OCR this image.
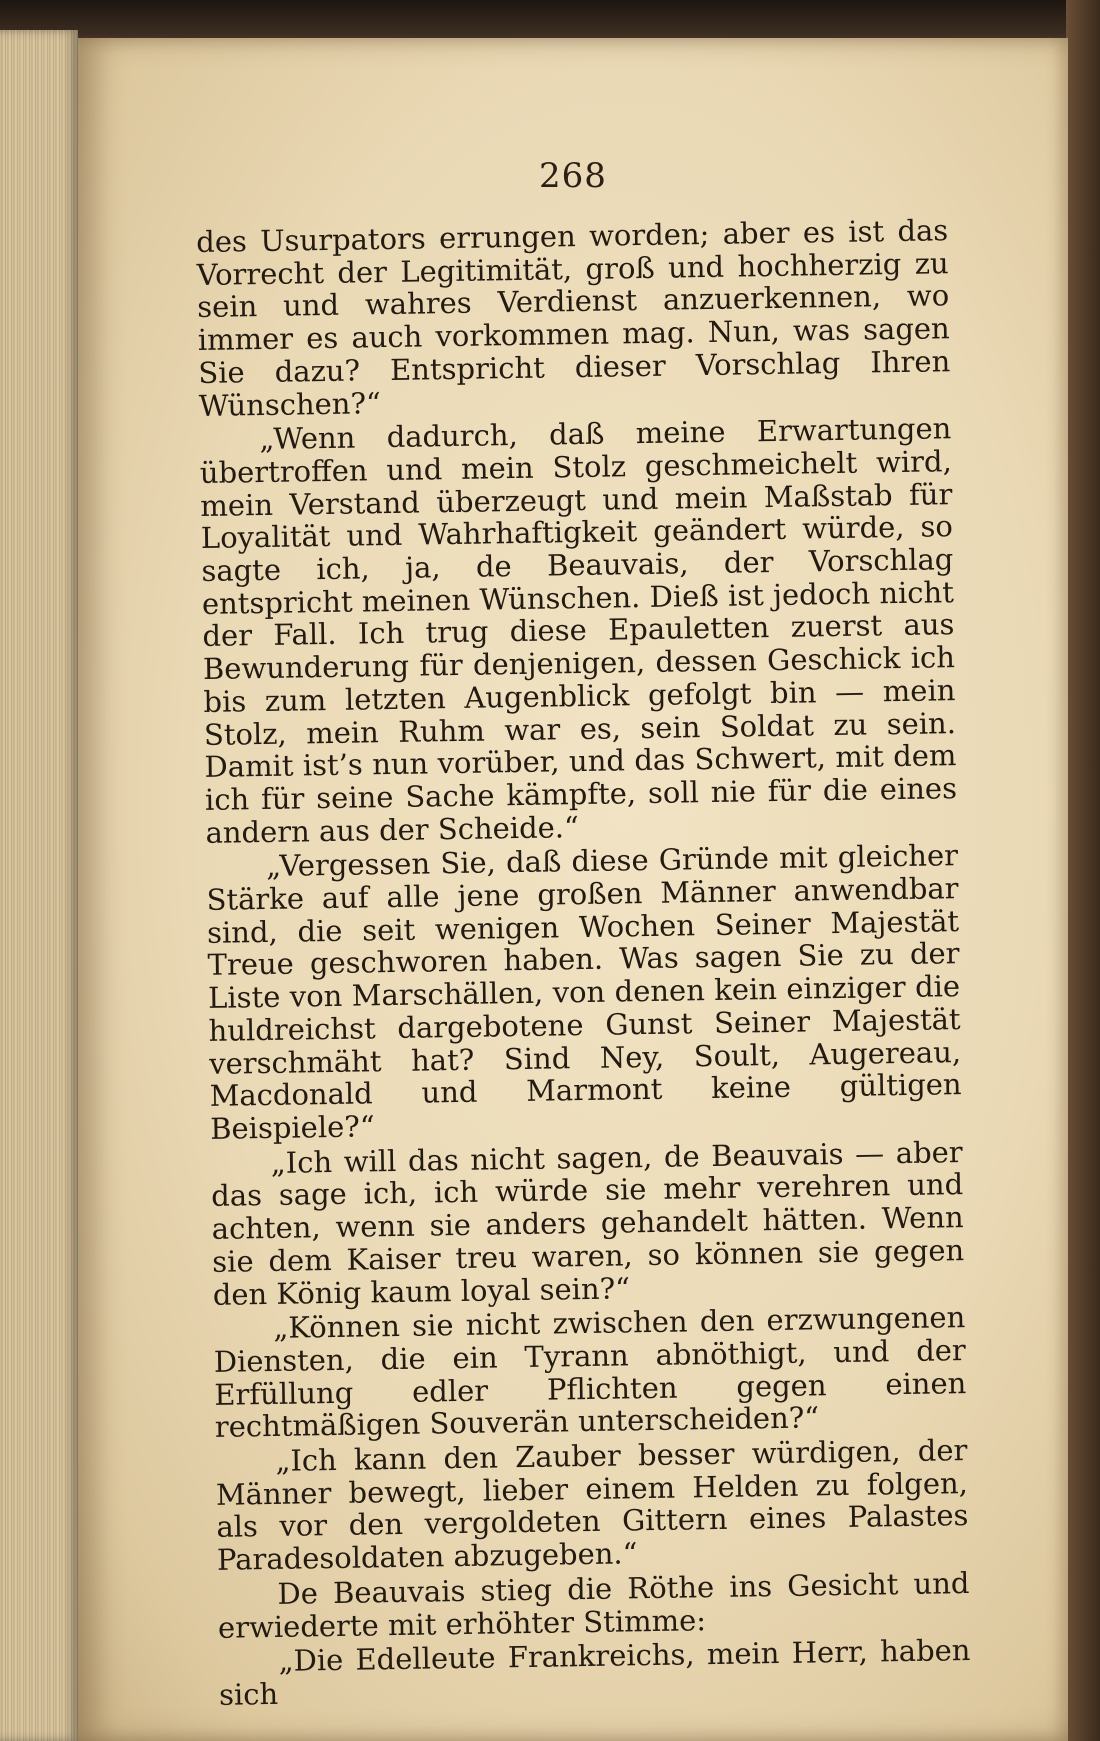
268

des Usurpators errungen worden; aber es ist das Vorrecht der Legitimität, groß und hochherzig zu sein und wahres Verdienst anzuerkennen, wo immer es auch vorkommen mag. Nun, was sagen Sie dazu? Entspricht dieser Vorschlag Ihren Wünschen?“

„Wenn dadurch, daß meine Erwartungen übertroffen und mein Stolz geschmeichelt wird, mein Verstand überzeugt und mein Maßstab für Loyalität und Wahrhaftigkeit geändert würde, so sagte ich, ja, de Beauvais, der Vorschlag entspricht meinen Wünschen. Dieß ist jedoch nicht der Fall. Ich trug diese Epauletten zuerst aus Bewunderung für denjenigen, dessen Geschick ich bis zum letzten Augenblick gefolgt bin — mein Stolz, mein Ruhm war es, sein Soldat zu sein. Damit ist’s nun vorüber, und das Schwert, mit dem ich für seine Sache kämpfte, soll nie für die eines andern aus der Scheide.“

„Vergessen Sie, daß diese Gründe mit gleicher Stärke auf alle jene großen Männer anwendbar sind, die seit wenigen Wochen Seiner Majestät Treue geschworen haben. Was sagen Sie zu der Liste von Marschällen, von denen kein einziger die huldreichst dargebotene Gunst Seiner Majestät verschmäht hat? Sind Ney, Soult, Augereau, Macdonald und Marmont keine gültigen Beispiele?“

„Ich will das nicht sagen, de Beauvais — aber das sage ich, ich würde sie mehr verehren und achten, wenn sie anders gehandelt hätten. Wenn sie dem Kaiser treu waren, so können sie gegen den König kaum loyal sein?“

„Können sie nicht zwischen den erzwungenen Diensten, die ein Tyrann abnöthigt, und der Erfüllung edler Pflichten gegen einen rechtmäßigen Souverän unterscheiden?“

„Ich kann den Zauber besser würdigen, der Männer bewegt, lieber einem Helden zu folgen, als vor den vergoldeten Gittern eines Palastes Paradesoldaten abzugeben.“

De Beauvais stieg die Röthe ins Gesicht und erwiederte mit erhöhter Stimme:

„Die Edelleute Frankreichs, mein Herr, haben sich
